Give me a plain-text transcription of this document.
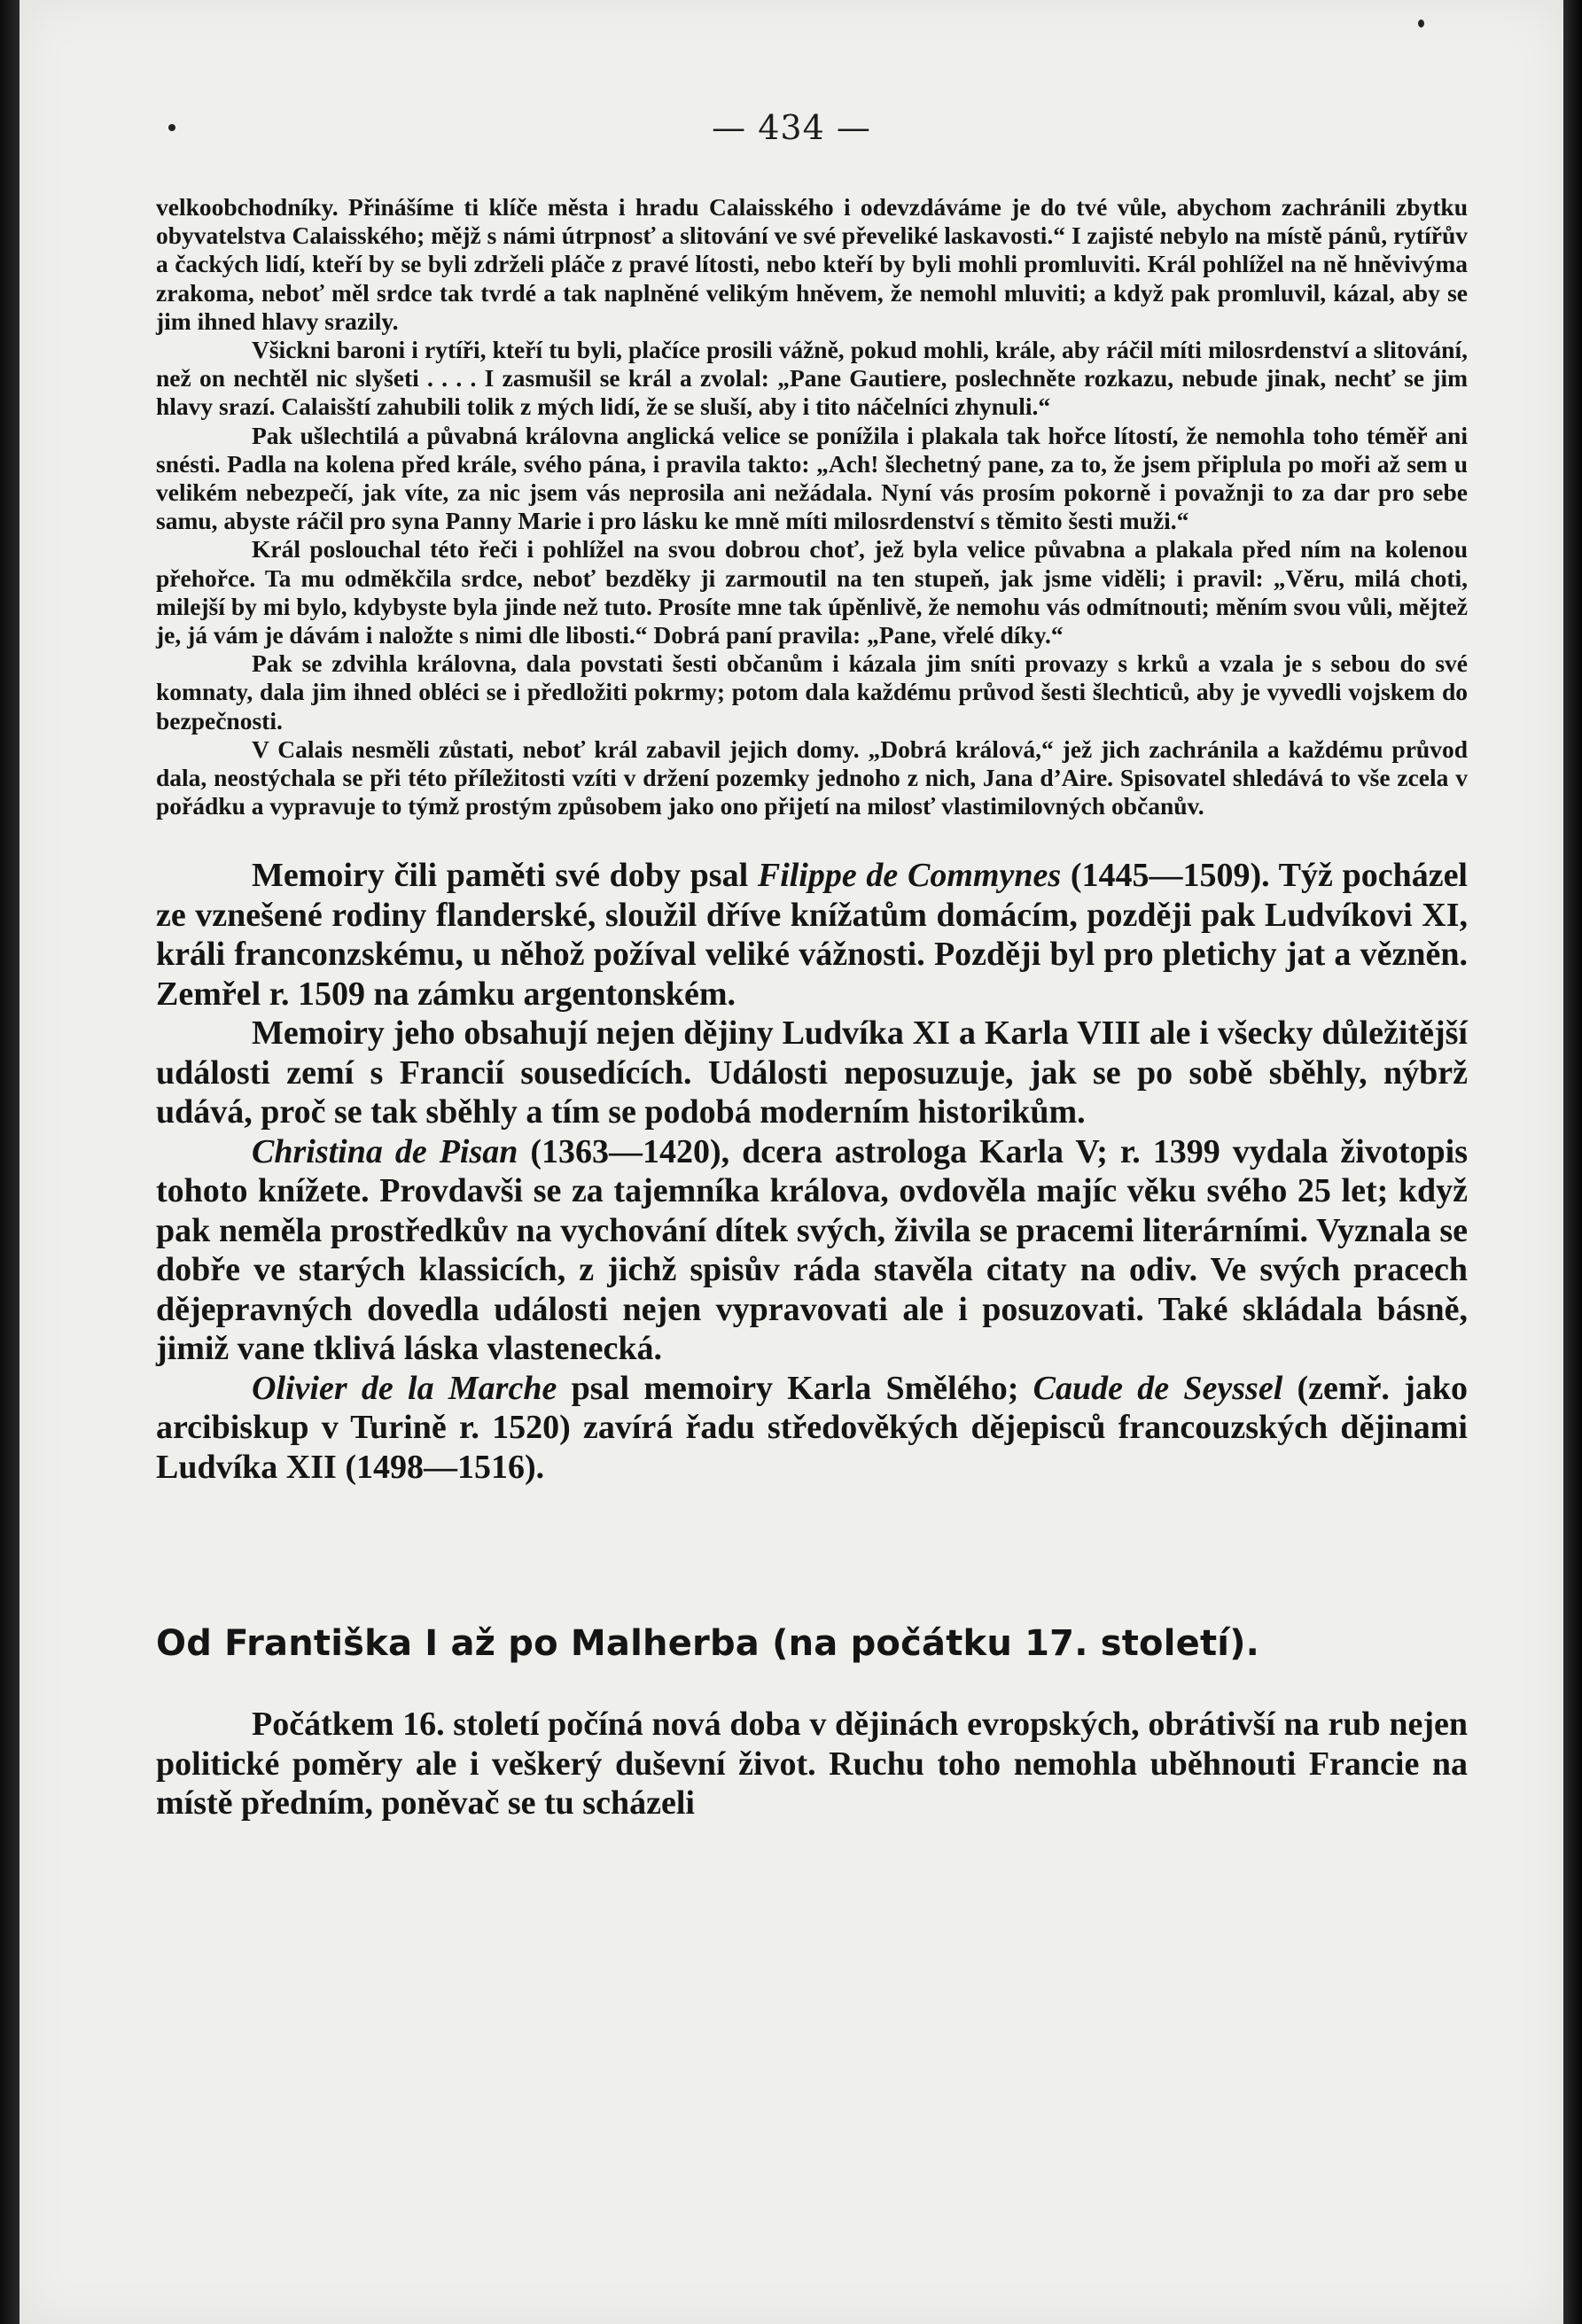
— 434 —

velkoobchodníky. Přinášíme ti klíče města i hradu Calaisského i odevzdáváme je do tvé vůle, abychom zachránili zbytku obyvatelstva Calaisského; mějž s námi útrpnosť a slitování ve své převeliké laskavosti.“ I zajisté nebylo na místě pánů, rytířův a čackých lidí, kteří by se byli zdrželi pláče z pravé lítosti, nebo kteří by byli mohli promluviti. Král pohlížel na ně hněvivýma zrakoma, neboť měl srdce tak tvrdé a tak naplněné velikým hněvem, že nemohl mluviti; a když pak promluvil, kázal, aby se jim ihned hlavy srazily.

Všickni baroni i rytíři, kteří tu byli, plačíce prosili vážně, pokud mohli, krále, aby ráčil míti milosrdenství a slitování, než on nechtěl nic slyšeti . . . . I zasmušil se král a zvolal: „Pane Gautiere, poslechněte rozkazu, nebude jinak, nechť se jim hlavy srazí. Calaisští zahubili tolik z mých lidí, že se sluší, aby i tito náčelníci zhynuli.“

Pak ušlechtilá a půvabná královna anglická velice se ponížila i plakala tak hořce lítostí, že nemohla toho téměř ani snésti. Padla na kolena před krále, svého pána, i pravila takto: „Ach! šlechetný pane, za to, že jsem připlula po moři až sem u velikém nebezpečí, jak víte, za nic jsem vás neprosila ani nežádala. Nyní vás prosím pokorně i považnji to za dar pro sebe samu, abyste ráčil pro syna Panny Marie i pro lásku ke mně míti milosrdenství s těmito šesti muži.“

Král poslouchal této řeči i pohlížel na svou dobrou choť, jež byla velice půvabna a plakala před ním na kolenou přehořce. Ta mu odměkčila srdce, neboť bezděky ji zarmoutil na ten stupeň, jak jsme viděli; i pravil: „Věru, milá choti, milejší by mi bylo, kdybyste byla jinde než tuto. Prosíte mne tak úpěnlivě, že nemohu vás odmítnouti; měním svou vůli, mějtež je, já vám je dávám i naložte s nimi dle libosti.“ Dobrá paní pravila: „Pane, vřelé díky.“

Pak se zdvihla královna, dala povstati šesti občanům i kázala jim sníti provazy s krků a vzala je s sebou do své komnaty, dala jim ihned obléci se i předložiti pokrmy; potom dala každému průvod šesti šlechticů, aby je vyvedli vojskem do bezpečnosti.

V Calais nesměli zůstati, neboť král zabavil jejich domy. „Dobrá králová,“ jež jich zachránila a každému průvod dala, neostýchala se při této příležitosti vzíti v držení pozemky jednoho z nich, Jana d’Aire. Spisovatel shledává to vše zcela v pořádku a vypravuje to týmž prostým způsobem jako ono přijetí na milosť vlastimilovných občanův.

Memoiry čili paměti své doby psal Filippe de Commynes (1445—1509). Týž pocházel ze vznešené rodiny flanderské, sloužil dříve knížatům domácím, později pak Ludvíkovi XI, králi franconzskému, u něhož požíval veliké vážnosti. Později byl pro pletichy jat a vězněn. Zemřel r. 1509 na zámku argentonském.

Memoiry jeho obsahují nejen dějiny Ludvíka XI a Karla VIII ale i všecky důležitější události zemí s Francií sousedících. Události neposuzuje, jak se po sobě sběhly, nýbrž udává, proč se tak sběhly a tím se podobá moderním historikům.

Christina de Pisan (1363—1420), dcera astrologa Karla V; r. 1399 vydala životopis tohoto knížete. Provdavši se za tajemníka králova, ovdověla majíc věku svého 25 let; když pak neměla prostředkův na vychování dítek svých, živila se pracemi literárními. Vyznala se dobře ve starých klassicích, z jichž spisův ráda stavěla citaty na odiv. Ve svých pracech dějepravných dovedla události nejen vypravovati ale i posuzovati. Také skládala básně, jimiž vane tklivá láska vlastenecká.

Olivier de la Marche psal memoiry Karla Smělého; Caude de Seyssel (zemř. jako arcibiskup v Turině r. 1520) zavírá řadu středověkých dějepisců francouzských dějinami Ludvíka XII (1498—1516).

Od Františka I až po Malherba (na počátku 17. století).

Počátkem 16. století počíná nová doba v dějinách evropských, obrátivší na rub nejen politické poměry ale i veškerý duševní život. Ruchu toho nemohla uběhnouti Francie na místě předním, poněvač se tu scházeli
